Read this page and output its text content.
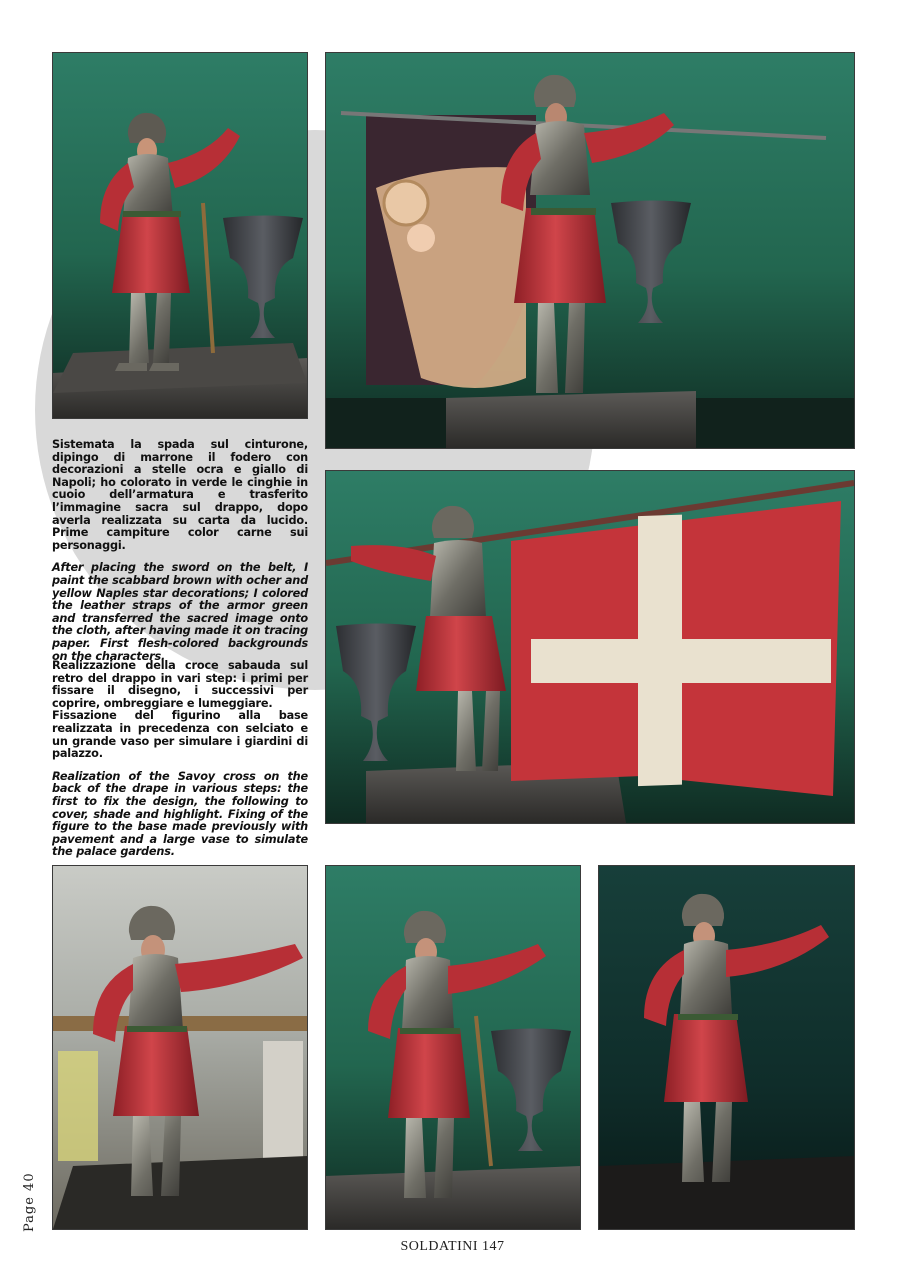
Sistemata la spada sul cinturone, dipingo di marrone il fodero con decorazioni a stelle ocra e giallo di Napoli; ho colorato in verde le cinghie in cuoio dell’armatura e trasferito l’immagine sacra sul drappo, dopo averla realizzata su carta da lucido. Prime campiture color carne sui personaggi.

After placing the sword on the belt, I paint the scabbard brown with ocher and yellow Naples star decorations; I colored the leather straps of the armor green and transferred the sacred image onto the cloth, after having made it on tracing paper. First flesh-colored backgrounds on the characters.

Realizzazione della croce sabauda sul retro del drappo in vari step: i primi per fissare il disegno, i successivi per coprire, ombreggiare e lumeggiare.

Fissazione del figurino alla base realizzata in precedenza con selciato e un grande vaso per simulare i giardini di palazzo.

Realization of the Savoy cross on the back of the drape in various steps: the first to fix the design, the following to cover, shade and highlight. Fixing of the figure to the base made previously with pavement and a large vase to simulate the palace gardens.

Page 40
SOLDATINI 147
